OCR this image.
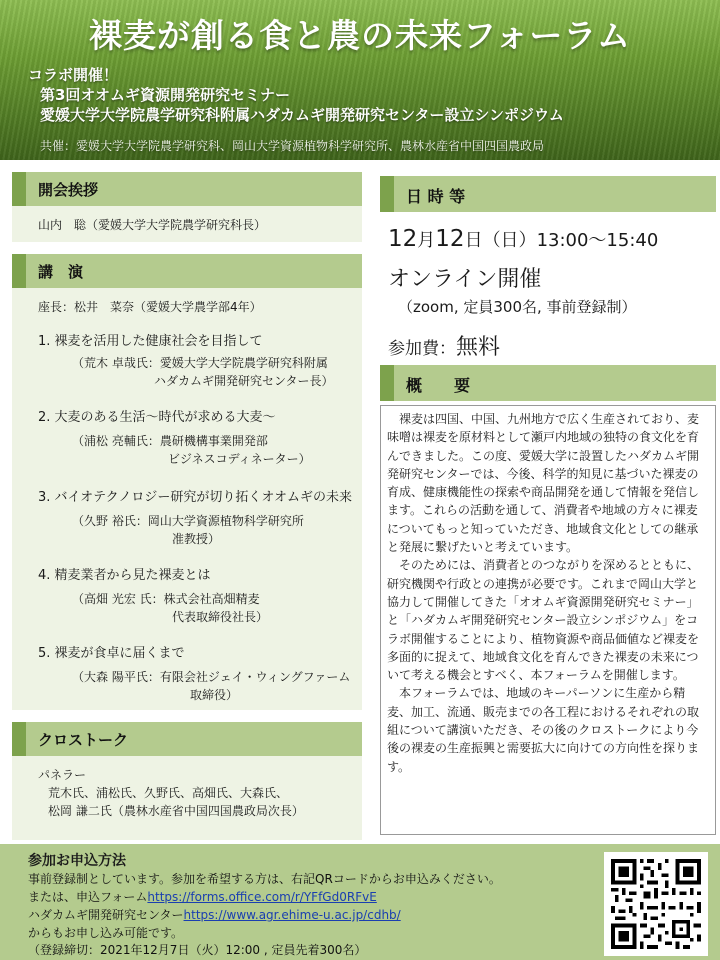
裸麦が創る食と農の未来フォーラム
コラボ開催！
第3回オオムギ資源開発研究セミナー
愛媛大学大学院農学研究科附属ハダカムギ開発研究センター設立シンポジウム
共催：愛媛大学大学院農学研究科、岡山大学資源植物科学研究所、農林水産省中国四国農政局
開会挨拶
山内　聡（愛媛大学大学院農学研究科長）
講　演
座長：松井　菜奈（愛媛大学農学部4年）
1. 裸麦を活用した健康社会を目指して
（荒木 卓哉氏：愛媛大学大学院農学研究科附属
ハダカムギ開発研究センター長）
2. 大麦のある生活～時代が求める大麦～
（浦松 亮輔氏：農研機構事業開発部
ビジネスコディネーター）
3. バイオテクノロジー研究が切り拓くオオムギの未来
（久野 裕氏：岡山大学資源植物科学研究所
准教授）
4. 精麦業者から見た裸麦とは
（高畑 光宏 氏：株式会社高畑精麦
代表取締役社長）
5. 裸麦が食卓に届くまで
（大森 陽平氏：有限会社ジェイ・ウィングファーム
取締役）
クロストーク
パネラー
荒木氏、浦松氏、久野氏、高畑氏、大森氏、
松岡 謙二氏（農林水産省中国四国農政局次長）
日 時 等
12月12日（日）13:00～15:40
オンライン開催
（zoom, 定員300名, 事前登録制）
参加費：無料
概　　要

裸麦は四国、中国、九州地方で広く生産されており、麦味噌は裸麦を原材料として瀬戸内地域の独特の食文化を育んできました。この度、愛媛大学に設置したハダカムギ開発研究センターでは、今後、科学的知見に基づいた裸麦の育成、健康機能性の探索や商品開発を通して情報を発信します。これらの活動を通して、消費者や地域の方々に裸麦についてもっと知っていただき、地域食文化としての継承と発展に繋げたいと考えています。

そのためには、消費者とのつながりを深めるとともに、研究機関や行政との連携が必要です。これまで岡山大学と協力して開催してきた「オオムギ資源開発研究セミナー」と「ハダカムギ開発研究センター設立シンポジウム」をコラボ開催することにより、植物資源や商品価値など裸麦を多面的に捉えて、地域食文化を育んできた裸麦の未来について考える機会とすべく、本フォーラムを開催します。

本フォーラムでは、地域のキーパーソンに生産から精麦、加工、流通、販売までの各工程におけるそれぞれの取組について講演いただき、その後のクロストークにより今後の裸麦の生産振興と需要拡大に向けての方向性を探ります。

参加お申込方法
事前登録制としています。参加を希望する方は、右記QRコードからお申込みください。
または、申込フォームhttps://forms.office.com/r/YFfGd0RFvE
ハダカムギ開発研究センターhttps://www.agr.ehime-u.ac.jp/cdhb/
からもお申し込み可能です。
（登録締切：2021年12月7日（火）12:00 , 定員先着300名）
